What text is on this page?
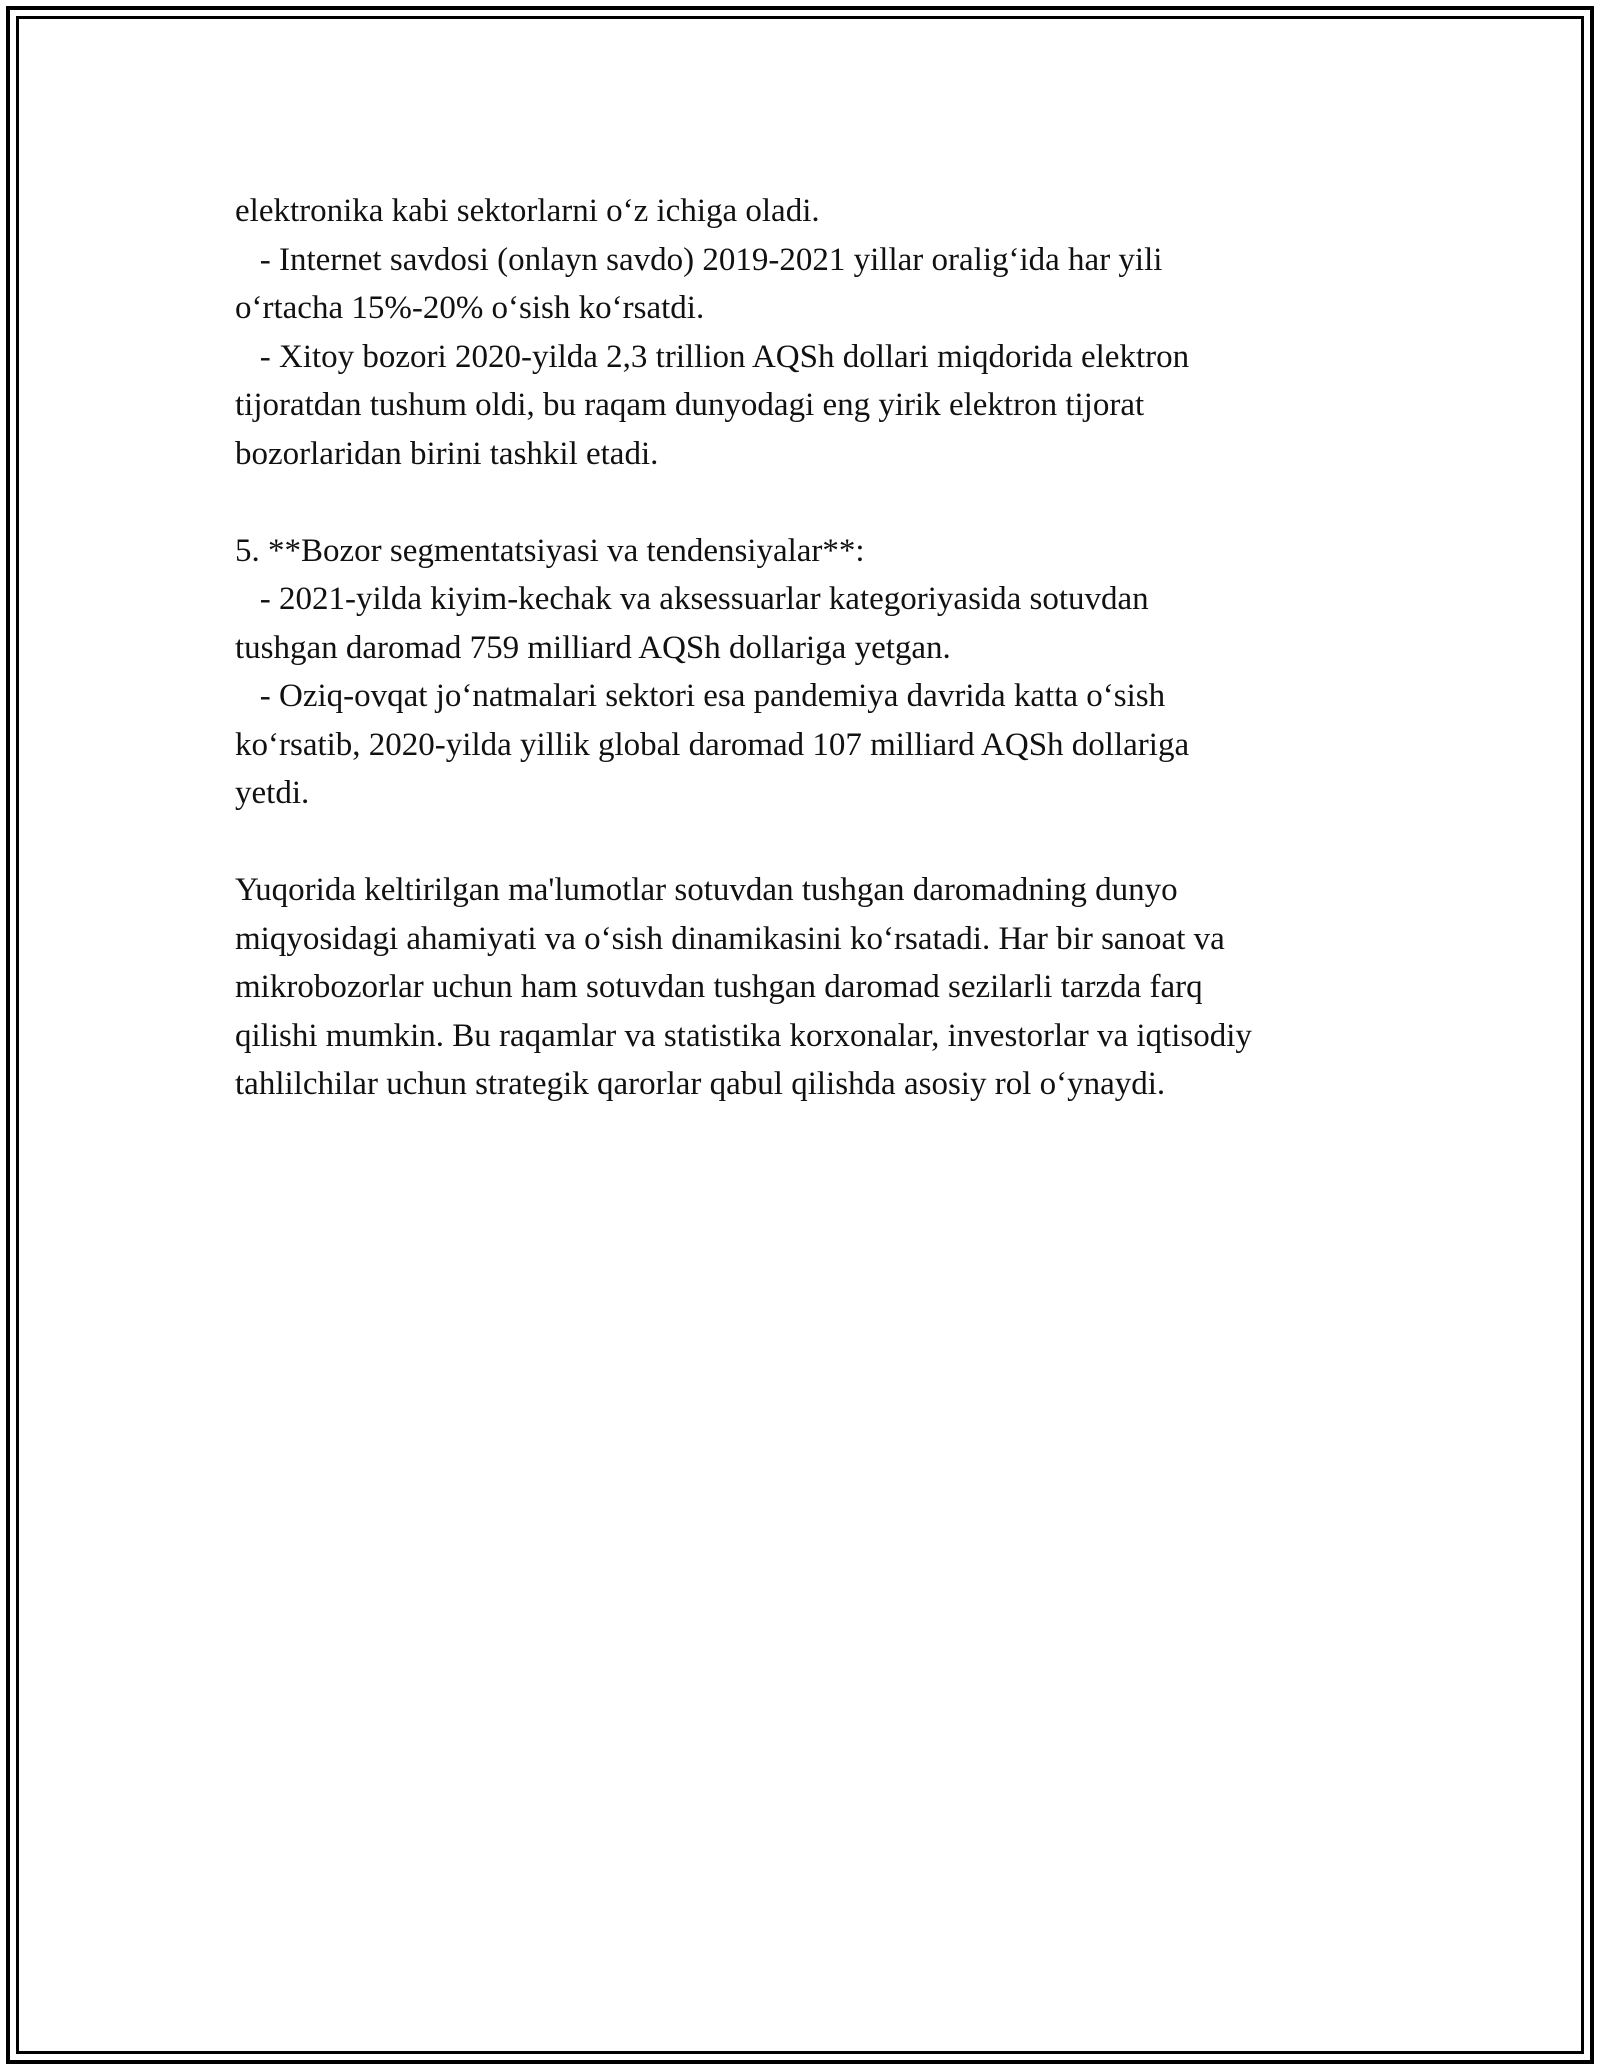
elektronika kabi sektorlarni o‘z ichiga oladi.
- Internet savdosi (onlayn savdo) 2019-2021 yillar oralig‘ida har yili
o‘rtacha 15%-20% o‘sish ko‘rsatdi.
- Xitoy bozori 2020-yilda 2,3 trillion AQSh dollari miqdorida elektron
tijoratdan tushum oldi, bu raqam dunyodagi eng yirik elektron tijorat
bozorlaridan birini tashkil etadi.
5. **Bozor segmentatsiyasi va tendensiyalar**:
- 2021-yilda kiyim-kechak va aksessuarlar kategoriyasida sotuvdan
tushgan daromad 759 milliard AQSh dollariga yetgan.
- Oziq-ovqat jo‘natmalari sektori esa pandemiya davrida katta o‘sish
ko‘rsatib, 2020-yilda yillik global daromad 107 milliard AQSh dollariga
yetdi.
Yuqorida keltirilgan ma'lumotlar sotuvdan tushgan daromadning dunyo
miqyosidagi ahamiyati va o‘sish dinamikasini ko‘rsatadi. Har bir sanoat va
mikrobozorlar uchun ham sotuvdan tushgan daromad sezilarli tarzda farq
qilishi mumkin. Bu raqamlar va statistika korxonalar, investorlar va iqtisodiy
tahlilchilar uchun strategik qarorlar qabul qilishda asosiy rol o‘ynaydi.
